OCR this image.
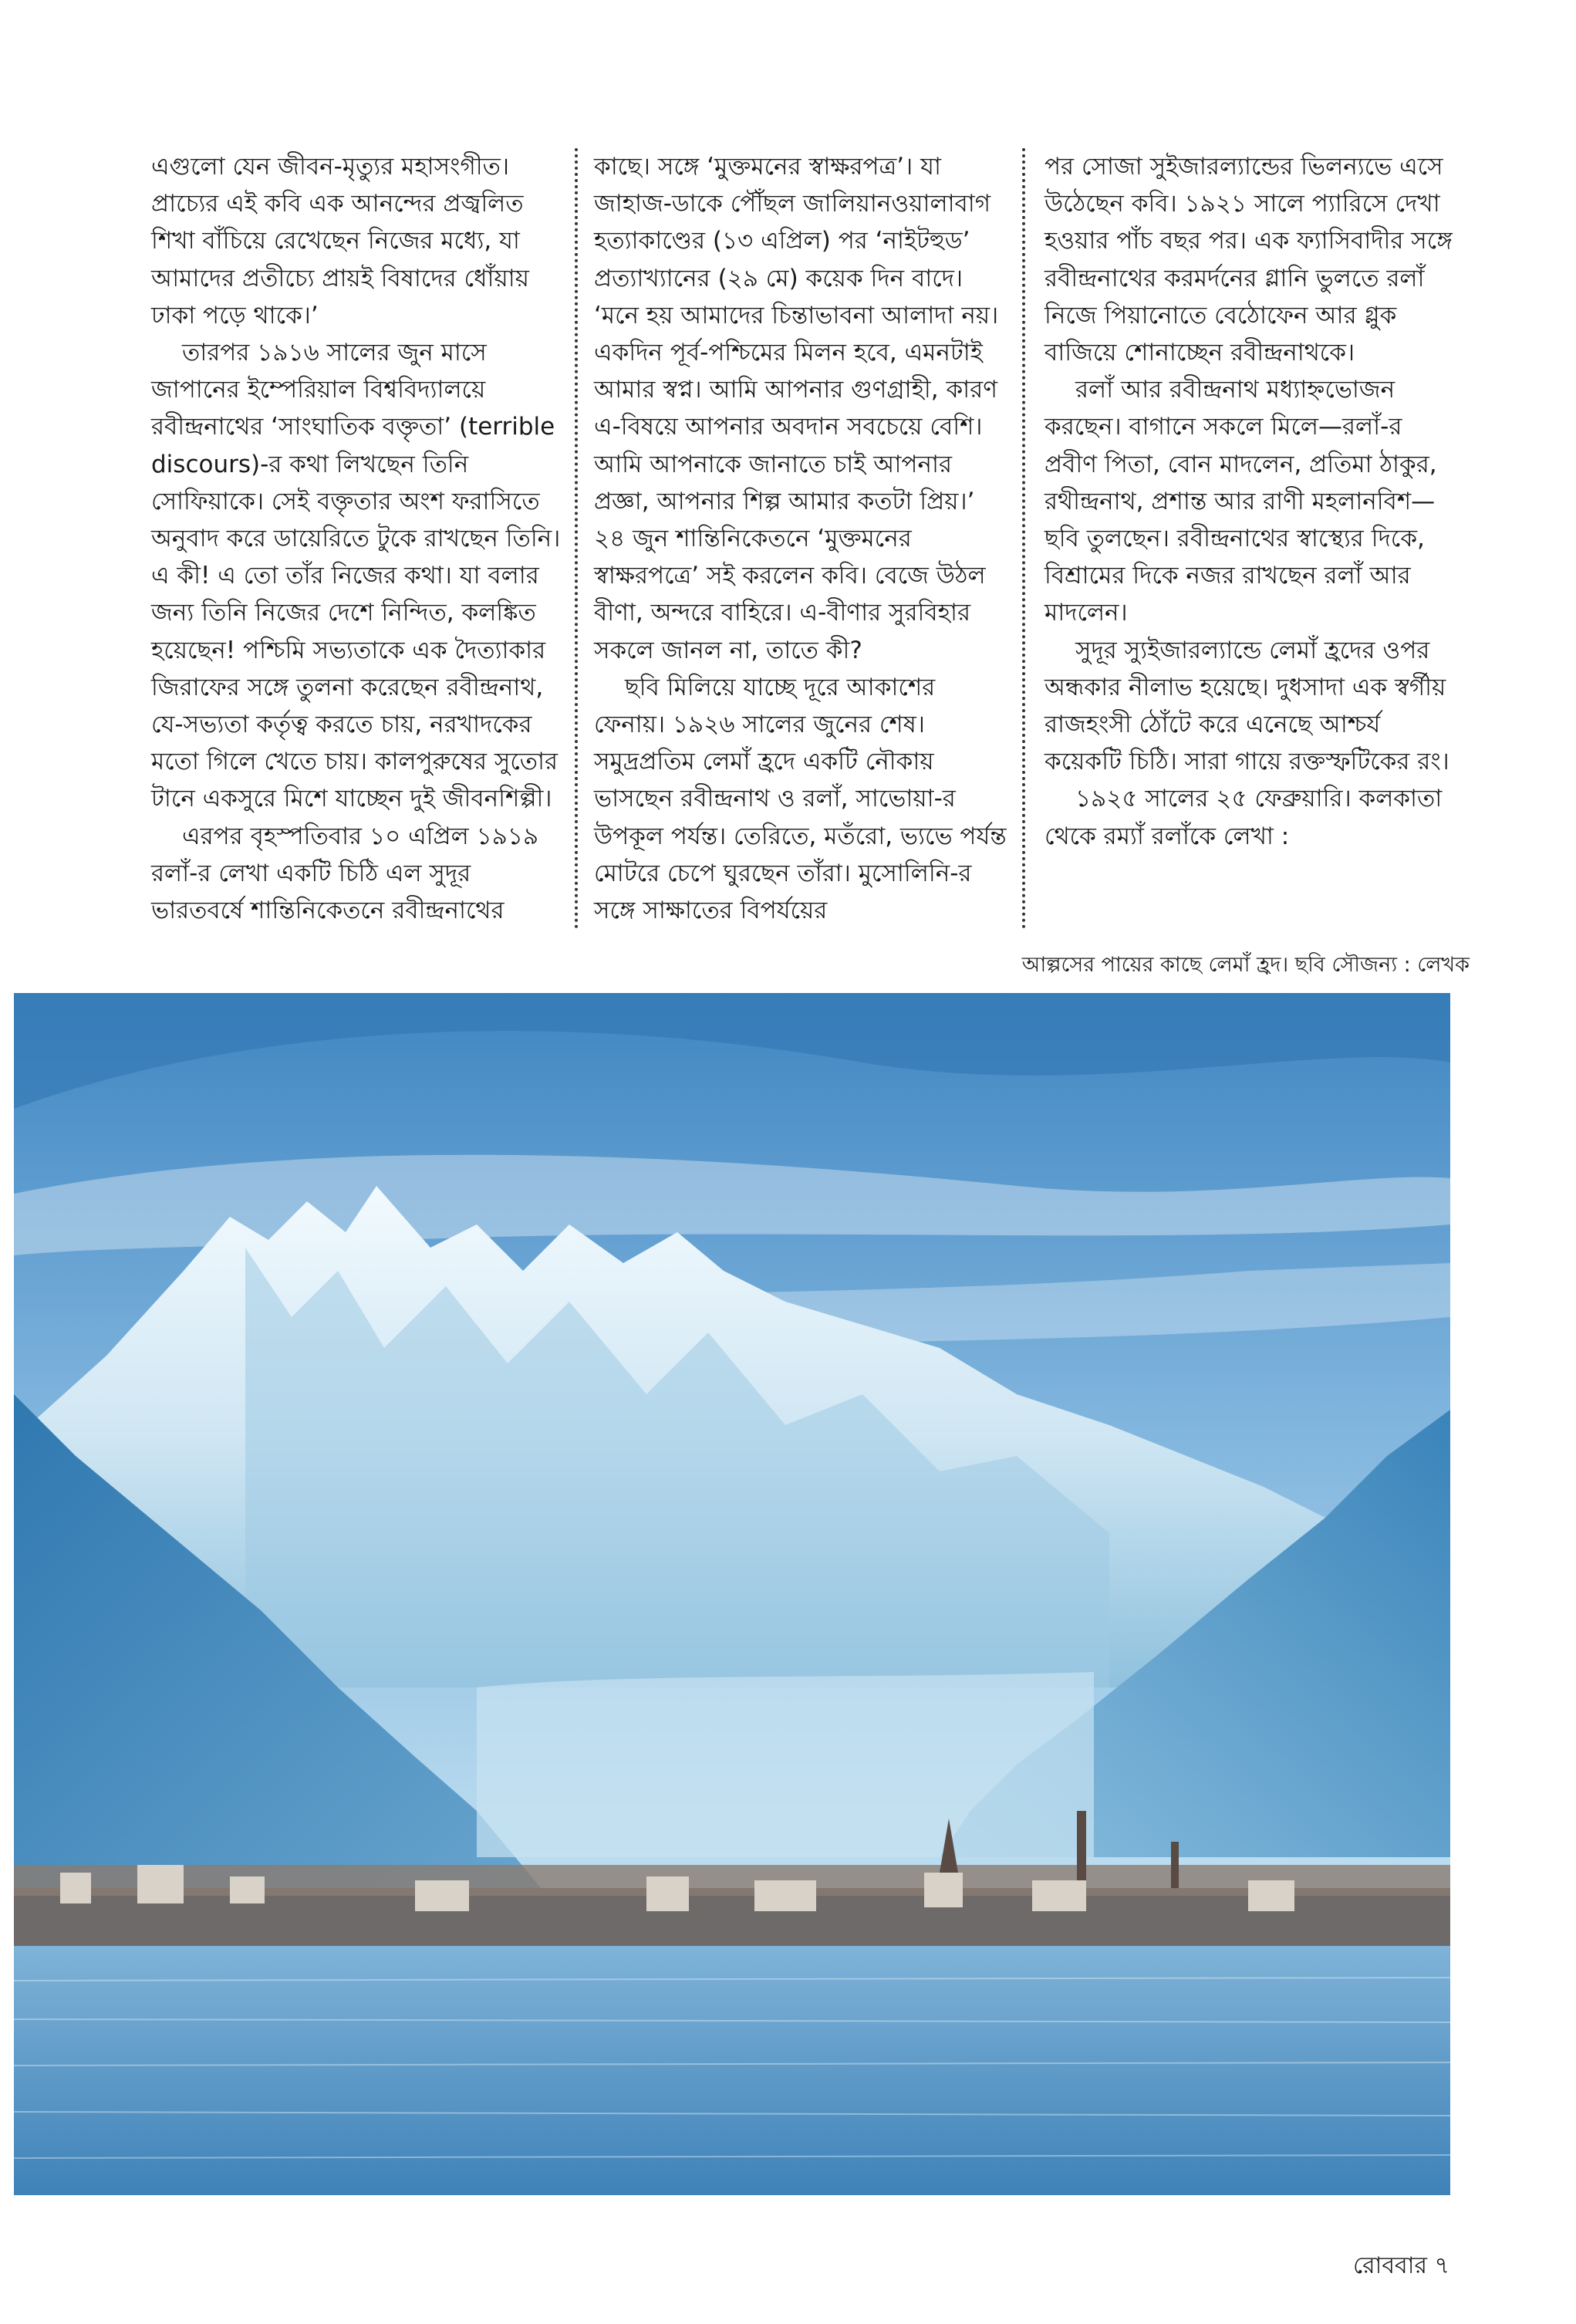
এগুলো যেন জীবন-মৃত্যুর মহাসংগীত। প্রাচ্যের এই কবি এক আনন্দের প্রজ্বলিত শিখা বাঁচিয়ে রেখেছেন নিজের মধ্যে, যা আমাদের প্রতীচ্যে প্রায়ই বিষাদের ধোঁয়ায় ঢাকা পড়ে থাকে।’

তারপর ১৯১৬ সালের জুন মাসে জাপানের ইম্পেরিয়াল বিশ্ববিদ্যালয়ে রবীন্দ্রনাথের ‘সাংঘাতিক বক্তৃতা’ (terrible discours)-র কথা লিখছেন তিনি সোফিয়াকে। সেই বক্তৃতার অংশ ফরাসিতে অনুবাদ করে ডায়েরিতে টুকে রাখছেন তিনি। এ কী! এ তো তাঁর নিজের কথা। যা বলার জন্য তিনি নিজের দেশে নিন্দিত, কলঙ্কিত হয়েছেন! পশ্চিমি সভ্যতাকে এক দৈত্যাকার জিরাফের সঙ্গে তুলনা করেছেন রবীন্দ্রনাথ, যে-সভ্যতা কর্তৃত্ব করতে চায়, নরখাদকের মতো গিলে খেতে চায়। কালপুরুষের সুতোর টানে একসুরে মিশে যাচ্ছেন দুই জীবনশিল্পী।

এরপর বৃহস্পতিবার ১০ এপ্রিল ১৯১৯ রলাঁ-র লেখা একটি চিঠি এল সুদূর ভারতবর্ষে শান্তিনিকেতনে রবীন্দ্রনাথের

কাছে। সঙ্গে ‘মুক্তমনের স্বাক্ষরপত্র’। যা জাহাজ-ডাকে পৌঁছল জালিয়ানওয়ালাবাগ হত্যাকাণ্ডের (১৩ এপ্রিল) পর ‘নাইটহুড’ প্রত্যাখ্যানের (২৯ মে) কয়েক দিন বাদে। ‘মনে হয় আমাদের চিন্তাভাবনা আলাদা নয়। একদিন পূর্ব-পশ্চিমের মিলন হবে, এমনটাই আমার স্বপ্ন। আমি আপনার গুণগ্রাহী, কারণ এ-বিষয়ে আপনার অবদান সবচেয়ে বেশি। আমি আপনাকে জানাতে চাই আপনার প্রজ্ঞা, আপনার শিল্প আমার কতটা প্রিয়।’ ২৪ জুন শান্তিনিকেতনে ‘মুক্তমনের স্বাক্ষরপত্রে’ সই করলেন কবি। বেজে উঠল বীণা, অন্দরে বাহিরে। এ-বীণার সুরবিহার সকলে জানল না, তাতে কী?

ছবি মিলিয়ে যাচ্ছে দূরে আকাশের ফেনায়। ১৯২৬ সালের জুনের শেষ। সমুদ্রপ্রতিম লেমাঁ হ্রদে একটি নৌকায় ভাসছেন রবীন্দ্রনাথ ও রলাঁ, সাভোয়া-র উপকূল পর্যন্ত। তেরিতে, মতঁরো, ভ্যভে পর্যন্ত মোটরে চেপে ঘুরছেন তাঁরা। মুসোলিনি-র সঙ্গে সাক্ষাতের বিপর্যয়ের

পর সোজা সুইজারল্যান্ডের ভিলন্যভে এসে উঠেছেন কবি। ১৯২১ সালে প্যারিসে দেখা হওয়ার পাঁচ বছর পর। এক ফ্যাসিবাদীর সঙ্গে রবীন্দ্রনাথের করমর্দনের গ্লানি ভুলতে রলাঁ নিজে পিয়ানোতে বেঠোফেন আর গ্লুক বাজিয়ে শোনাচ্ছেন রবীন্দ্রনাথকে।

রলাঁ আর রবীন্দ্রনাথ মধ্যাহ্নভোজন করছেন। বাগানে সকলে মিলে—রলাঁ-র প্রবীণ পিতা, বোন মাদলেন, প্রতিমা ঠাকুর, রথীন্দ্রনাথ, প্রশান্ত আর রাণী মহলানবিশ—ছবি তুলছেন। রবীন্দ্রনাথের স্বাস্থ্যের দিকে, বিশ্রামের দিকে নজর রাখছেন রলাঁ আর মাদলেন।

সুদূর স্যুইজারল্যান্ডে লেমাঁ হ্রদের ওপর অন্ধকার নীলাভ হয়েছে। দুধসাদা এক স্বর্গীয় রাজহংসী ঠোঁটে করে এনেছে আশ্চর্য কয়েকটি চিঠি। সারা গায়ে রক্তস্ফটিকের রং।

১৯২৫ সালের ২৫ ফেব্রুয়ারি। কলকাতা থেকে রম্যাঁ রলাঁকে লেখা :

আল্পসের পায়ের কাছে লেমাঁ হ্রদ। ছবি সৌজন্য : লেখক
রোববার ৭
